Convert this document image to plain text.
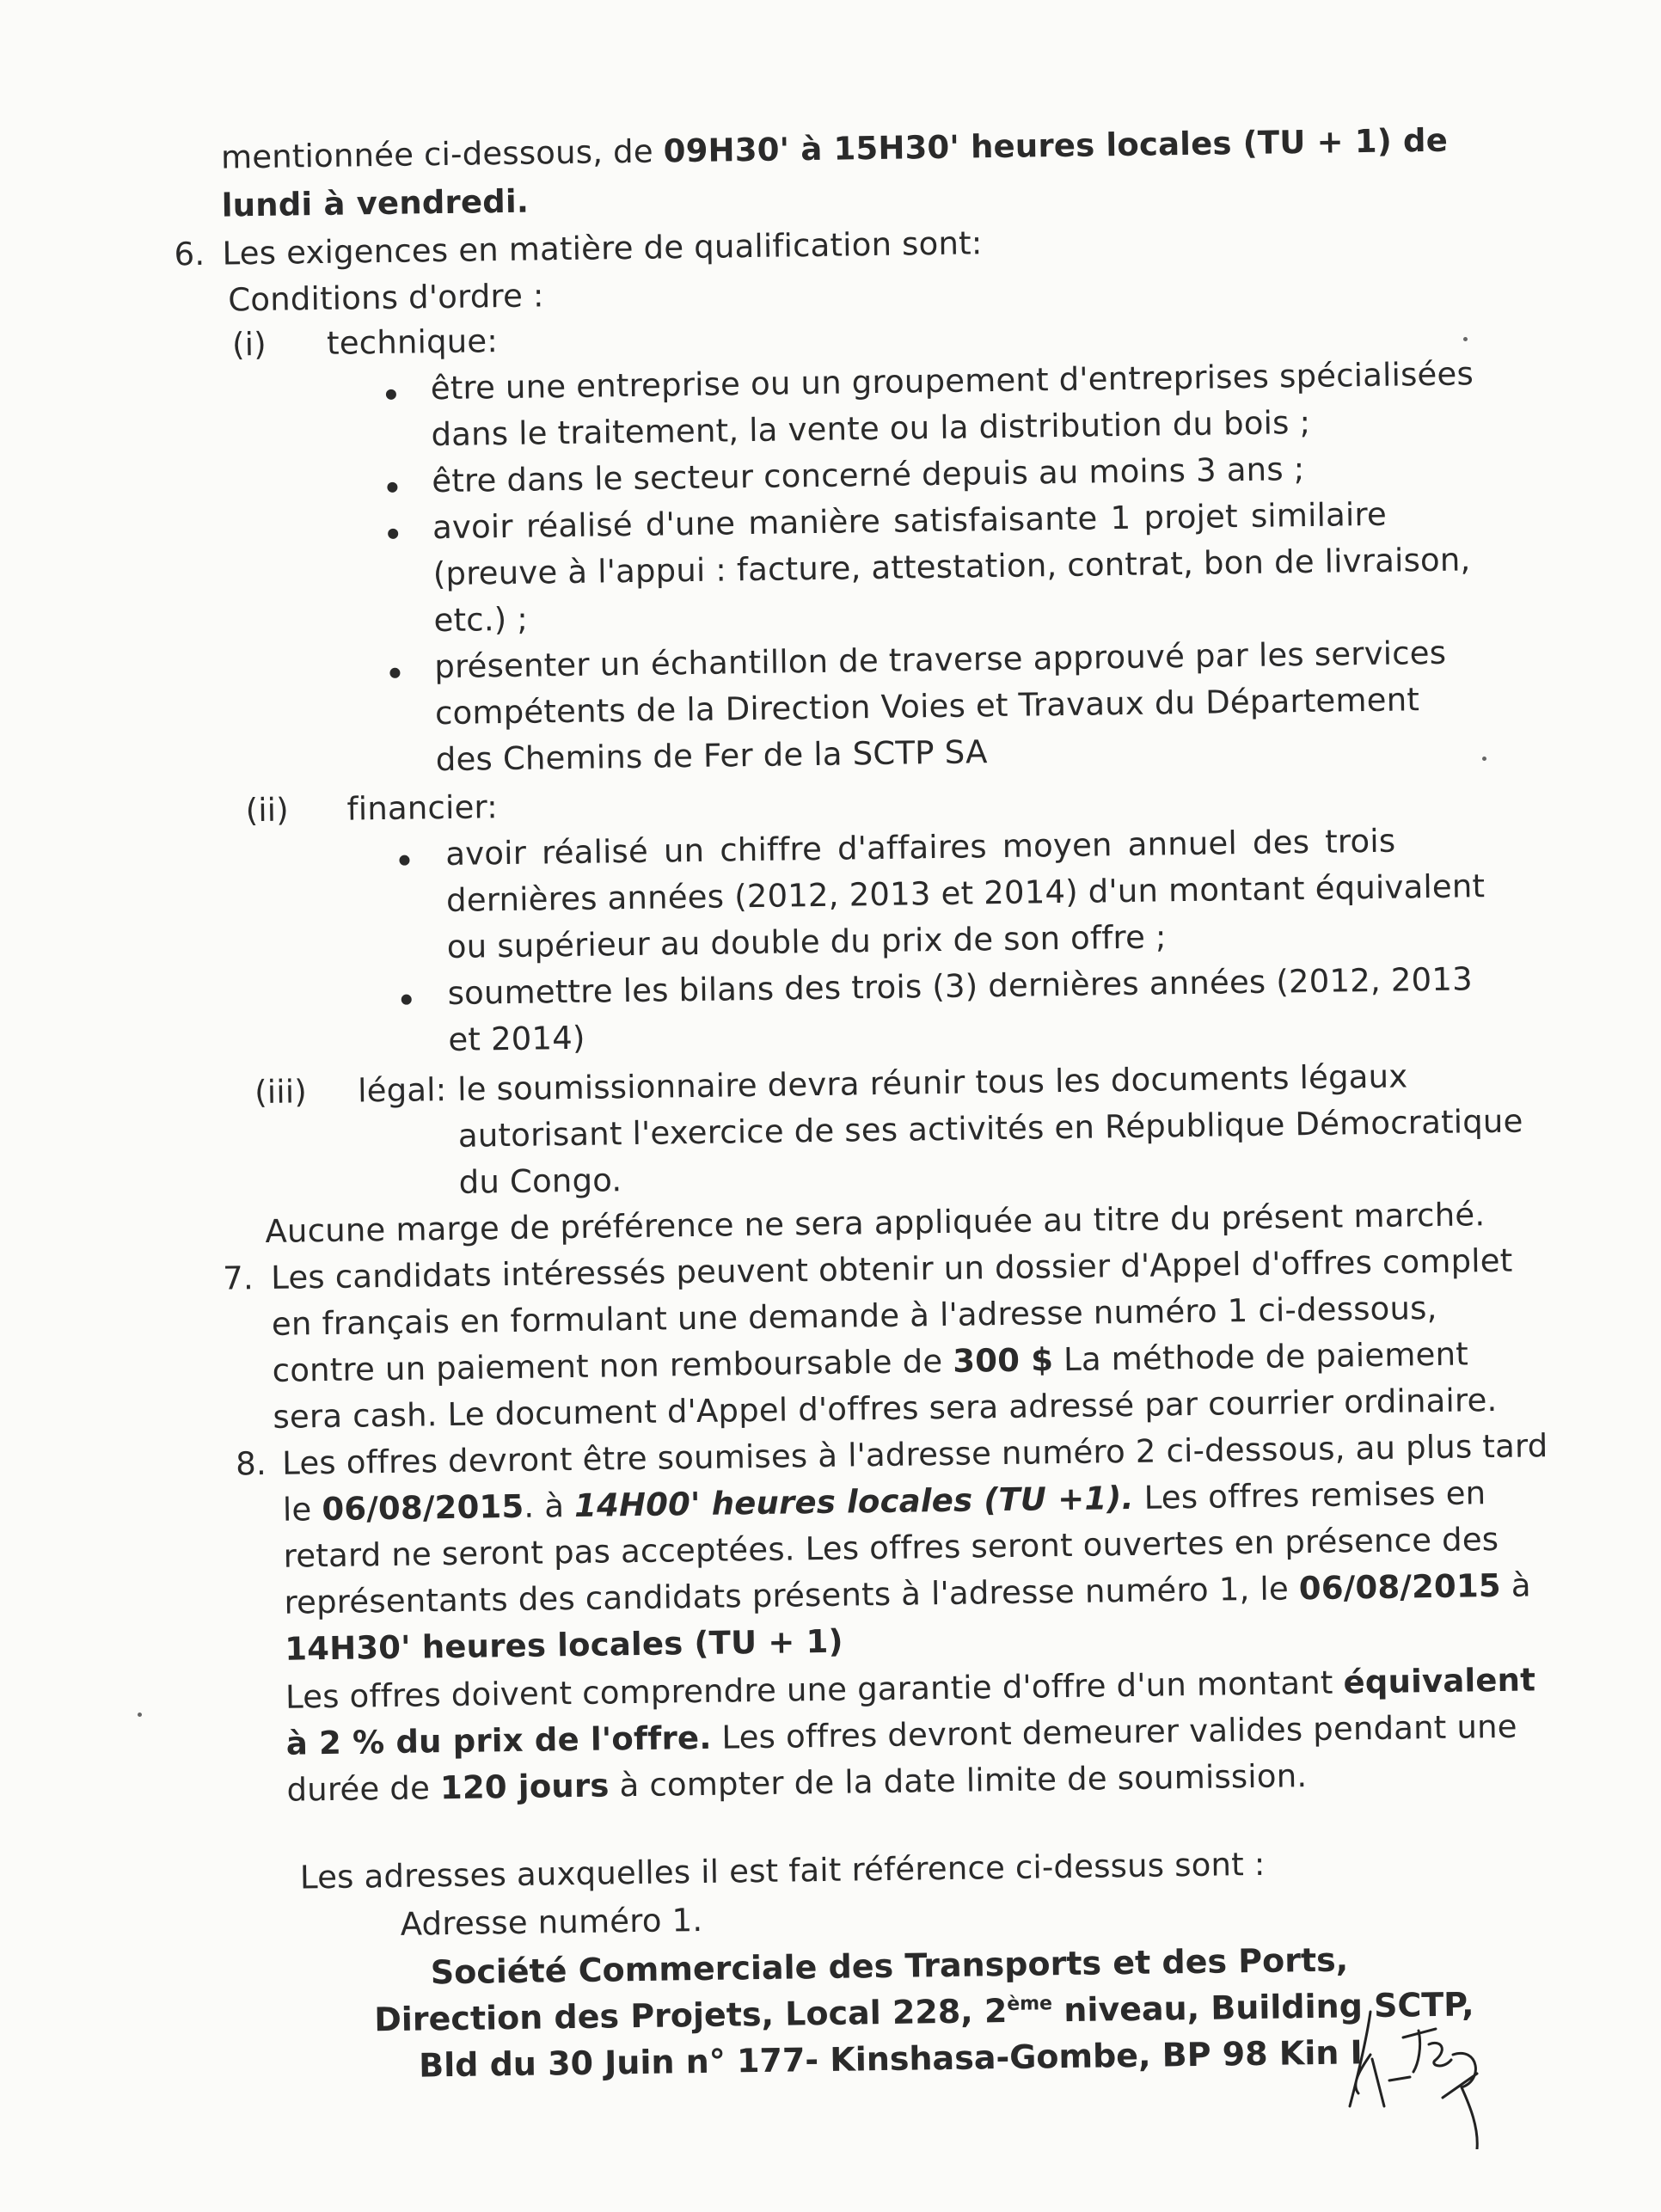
mentionnée ci-dessous, de 09H30' à 15H30' heures locales (TU + 1) de
lundi à vendredi.
6. Les exigences en matière de qualification sont:
Conditions d'ordre :
(i) technique:
être une entreprise ou un groupement d'entreprises spécialisées
dans le traitement, la vente ou la distribution du bois ;
être dans le secteur concerné depuis au moins 3 ans ;
avoir réalisé d'une manière satisfaisante 1 projet similaire
(preuve à l'appui : facture, attestation, contrat, bon de livraison,
etc.) ;
présenter un échantillon de traverse approuvé par les services
compétents de la Direction Voies et Travaux du Département
des Chemins de Fer de la SCTP SA
(ii) financier:
avoir réalisé un chiffre d'affaires moyen annuel des trois
dernières années (2012, 2013 et 2014) d'un montant équivalent
ou supérieur au double du prix de son offre ;
soumettre les bilans des trois (3) dernières années (2012, 2013
et 2014)
(iii) légal: le soumissionnaire devra réunir tous les documents légaux
autorisant l'exercice de ses activités en République Démocratique
du Congo.
Aucune marge de préférence ne sera appliquée au titre du présent marché.
7. Les candidats intéressés peuvent obtenir un dossier d'Appel d'offres complet
en français en formulant une demande à l'adresse numéro 1 ci-dessous,
contre un paiement non remboursable de 300 $ La méthode de paiement
sera cash. Le document d'Appel d'offres sera adressé par courrier ordinaire.
8. Les offres devront être soumises à l'adresse numéro 2 ci-dessous, au plus tard
le 06/08/2015. à 14H00' heures locales (TU +1). Les offres remises en
retard ne seront pas acceptées. Les offres seront ouvertes en présence des
représentants des candidats présents à l'adresse numéro 1, le 06/08/2015 à
14H30' heures locales (TU + 1)
Les offres doivent comprendre une garantie d'offre d'un montant équivalent
à 2 % du prix de l'offre. Les offres devront demeurer valides pendant une
durée de 120 jours à compter de la date limite de soumission.
Les adresses auxquelles il est fait référence ci-dessus sont :
Adresse numéro 1.
Société Commerciale des Transports et des Ports,
Direction des Projets, Local 228, 2ème niveau, Building SCTP,
Bld du 30 Juin n° 177- Kinshasa-Gombe, BP 98 Kin I
